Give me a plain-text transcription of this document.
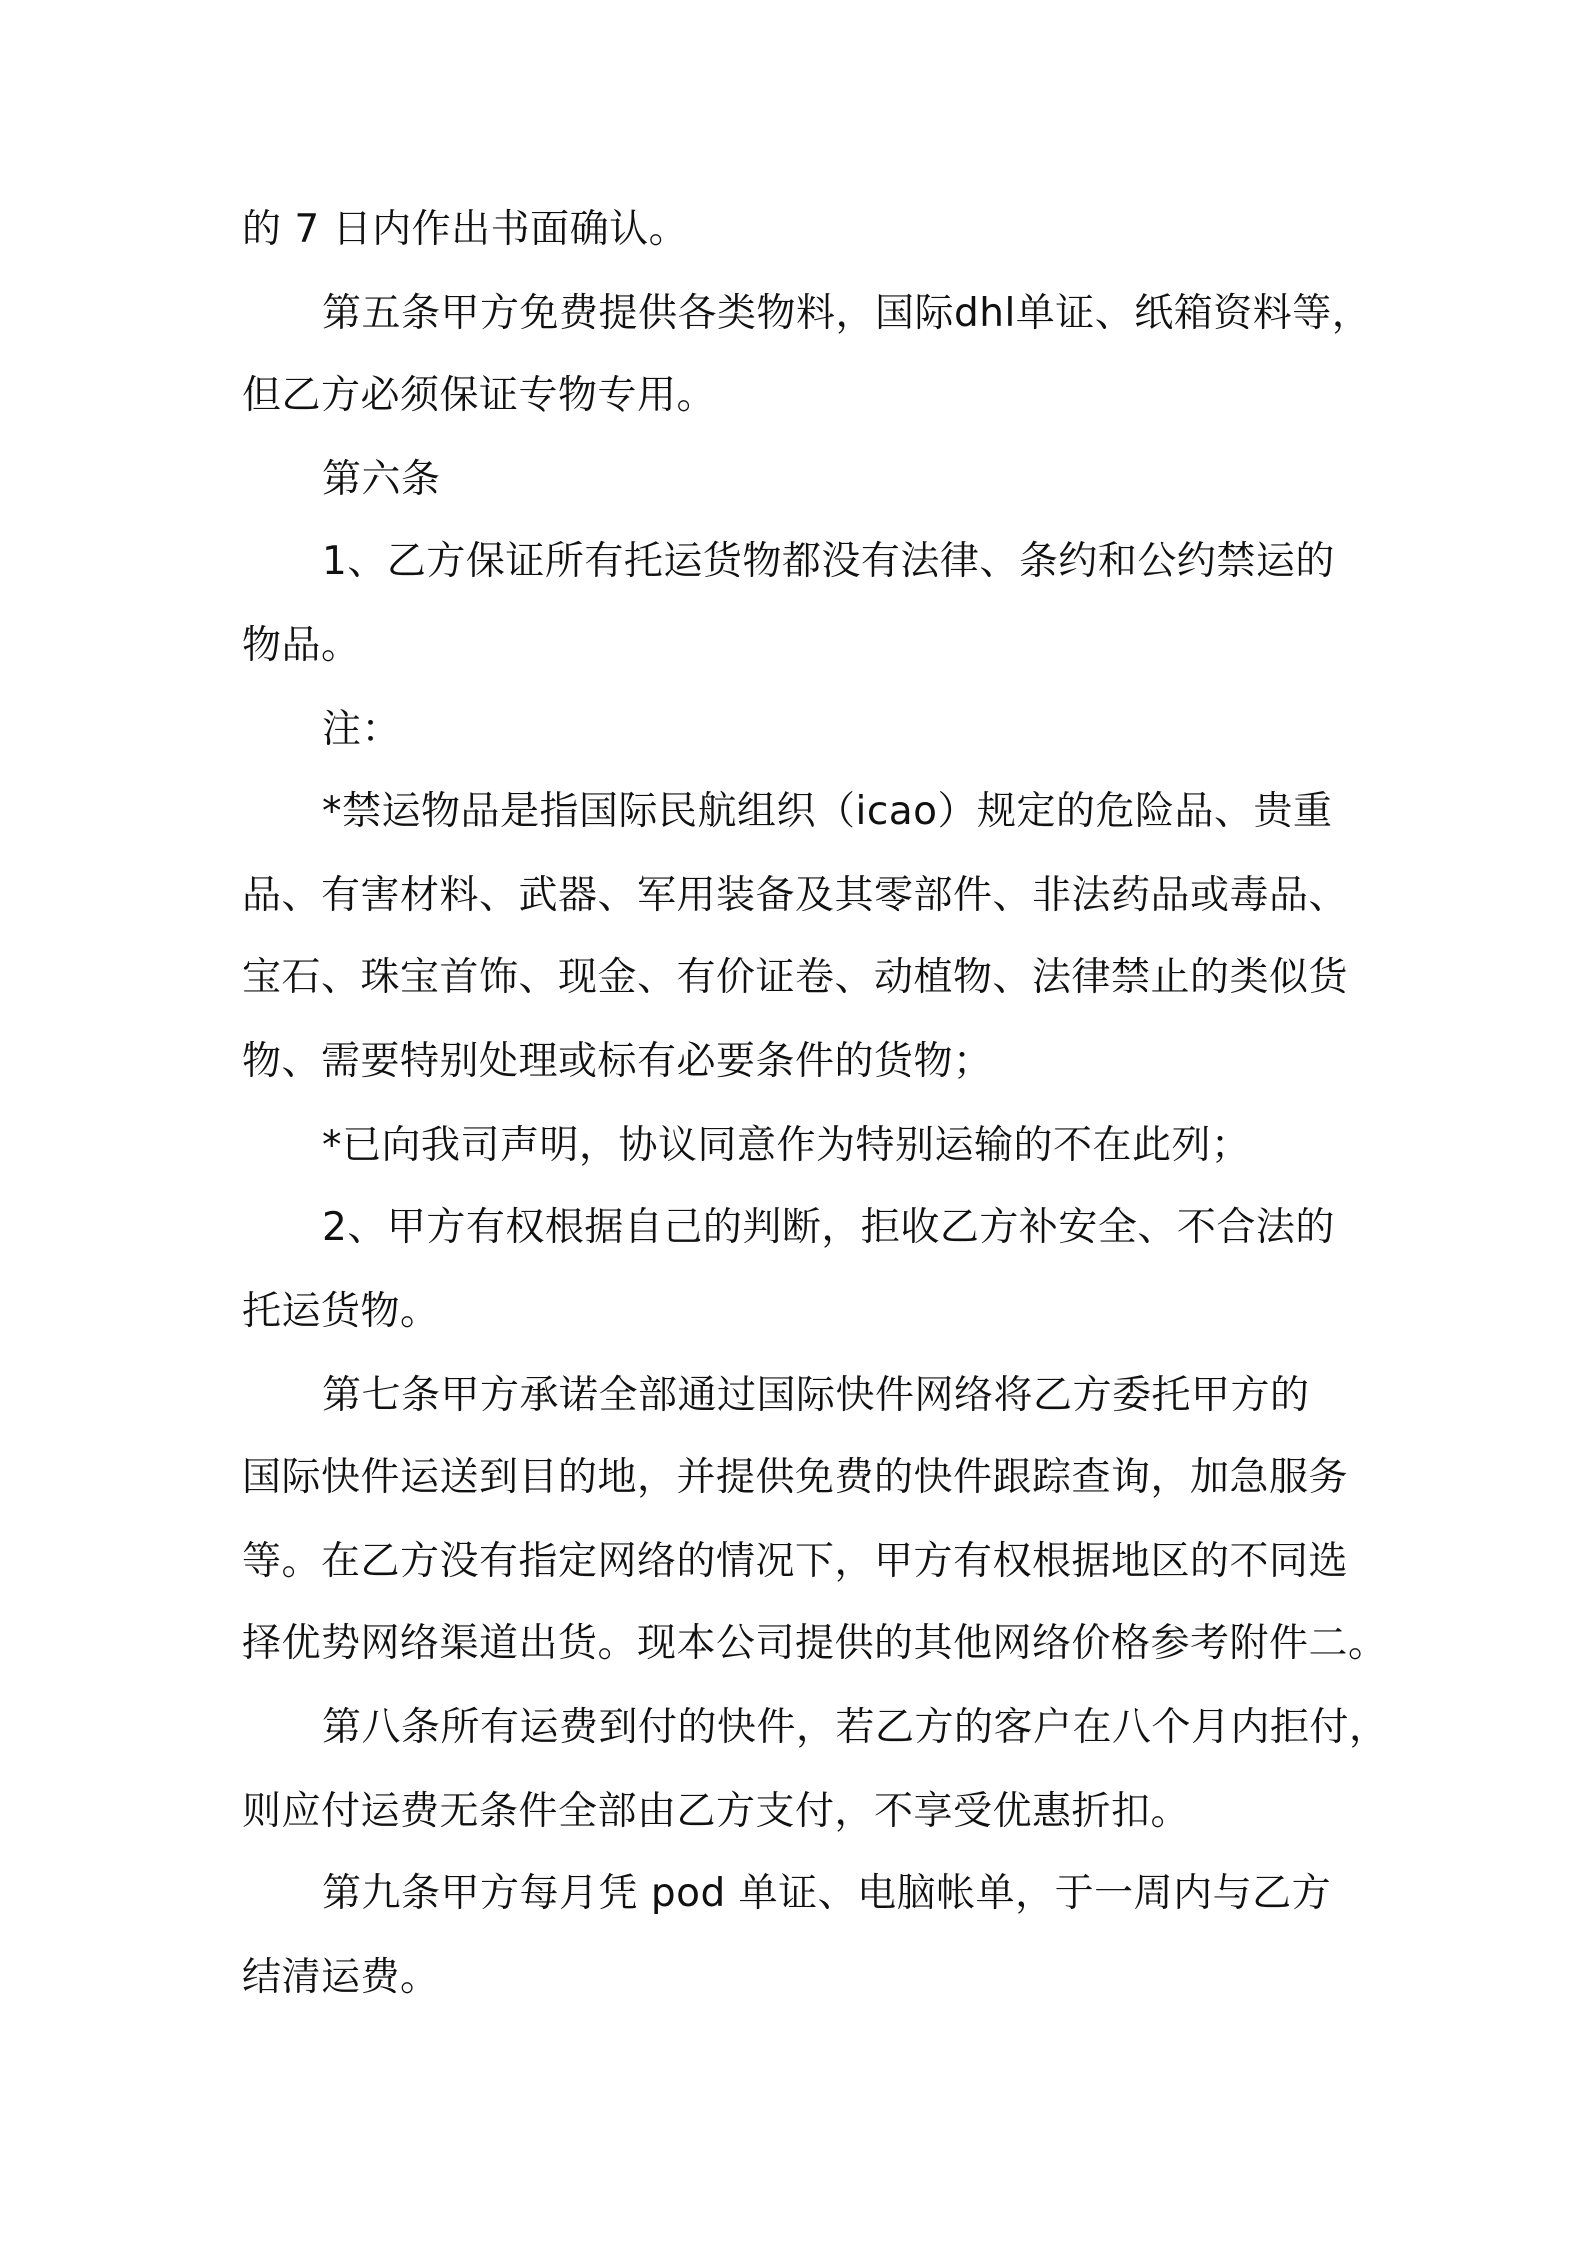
的 7 日内作出书面确认。
第五条甲方免费提供各类物料，国际dhl单证、纸箱资料等，
但乙方必须保证专物专用。
第六条
1、乙方保证所有托运货物都没有法律、条约和公约禁运的
物品。
注：
*禁运物品是指国际民航组织（icao）规定的危险品、贵重
品、有害材料、武器、军用装备及其零部件、非法药品或毒品、
宝石、珠宝首饰、现金、有价证卷、动植物、法律禁止的类似货
物、需要特别处理或标有必要条件的货物；
*已向我司声明，协议同意作为特别运输的不在此列；
2、甲方有权根据自己的判断，拒收乙方补安全、不合法的
托运货物。
第七条甲方承诺全部通过国际快件网络将乙方委托甲方的
国际快件运送到目的地，并提供免费的快件跟踪查询，加急服务
等。在乙方没有指定网络的情况下，甲方有权根据地区的不同选
择优势网络渠道出货。现本公司提供的其他网络价格参考附件二。
第八条所有运费到付的快件，若乙方的客户在八个月内拒付，
则应付运费无条件全部由乙方支付，不享受优惠折扣。
第九条甲方每月凭 pod 单证、电脑帐单，于一周内与乙方
结清运费。
